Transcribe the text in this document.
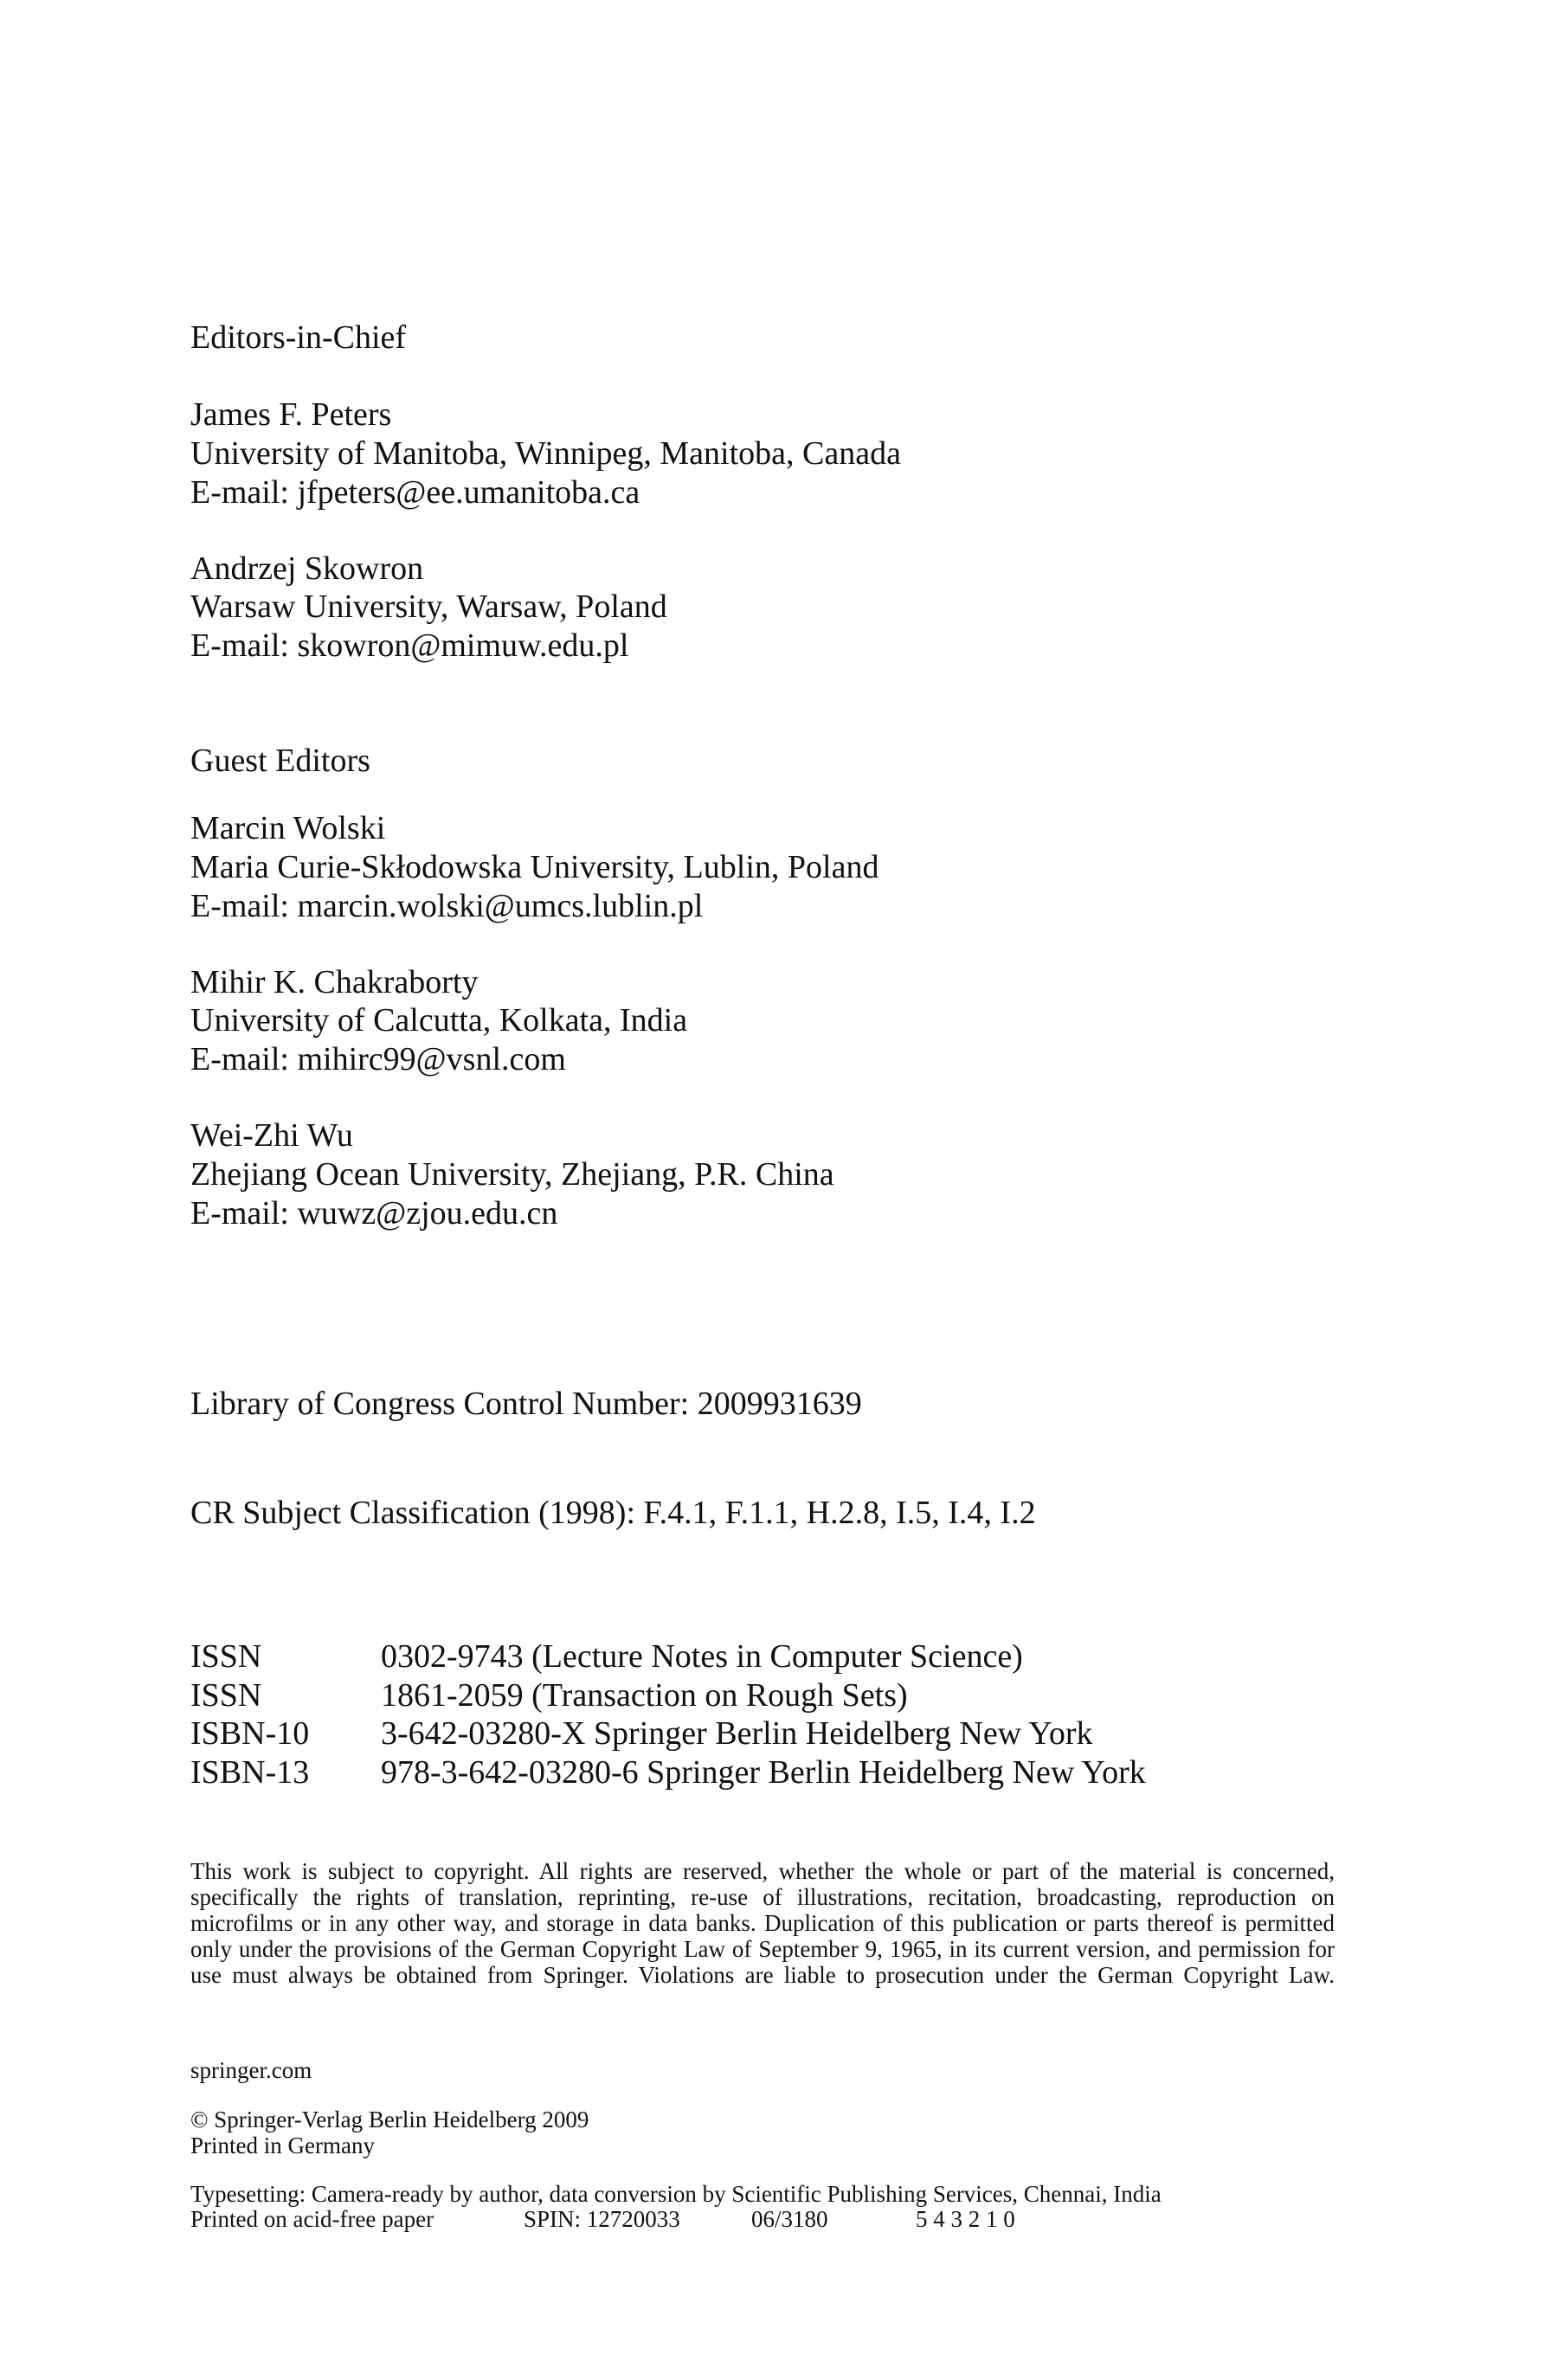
Editors-in-Chief
James F. Peters
University of Manitoba, Winnipeg, Manitoba, Canada
E-mail: jfpeters@ee.umanitoba.ca
Andrzej Skowron
Warsaw University, Warsaw, Poland
E-mail: skowron@mimuw.edu.pl
Guest Editors
Marcin Wolski
Maria Curie-Skłodowska University, Lublin, Poland
E-mail: marcin.wolski@umcs.lublin.pl
Mihir K. Chakraborty
University of Calcutta, Kolkata, India
E-mail: mihirc99@vsnl.com
Wei-Zhi Wu
Zhejiang Ocean University, Zhejiang, P.R. China
E-mail: wuwz@zjou.edu.cn
Library of Congress Control Number: 2009931639
CR Subject Classification (1998): F.4.1, F.1.1, H.2.8, I.5, I.4, I.2
ISSN	0302-9743 (Lecture Notes in Computer Science)
ISSN	1861-2059 (Transaction on Rough Sets)
ISBN-10 3-642-03280-X Springer Berlin Heidelberg New York
ISBN-13 978-3-642-03280-6 Springer Berlin Heidelberg New York
This work is subject to copyright. All rights are reserved, whether the whole or part of the material is concerned, specifically the rights of translation, reprinting, re-use of illustrations, recitation, broadcasting, reproduction on microfilms or in any other way, and storage in data banks. Duplication of this publication or parts thereof is permitted only under the provisions of the German Copyright Law of September 9, 1965, in its current version, and permission for use must always be obtained from Springer. Violations are liable to prosecution under the German Copyright Law.
springer.com
© Springer-Verlag Berlin Heidelberg 2009
Printed in Germany
Typesetting: Camera-ready by author, data conversion by Scientific Publishing Services, Chennai, India
Printed on acid-free paper	SPIN: 12720033	06/3180	5 4 3 2 1 0
